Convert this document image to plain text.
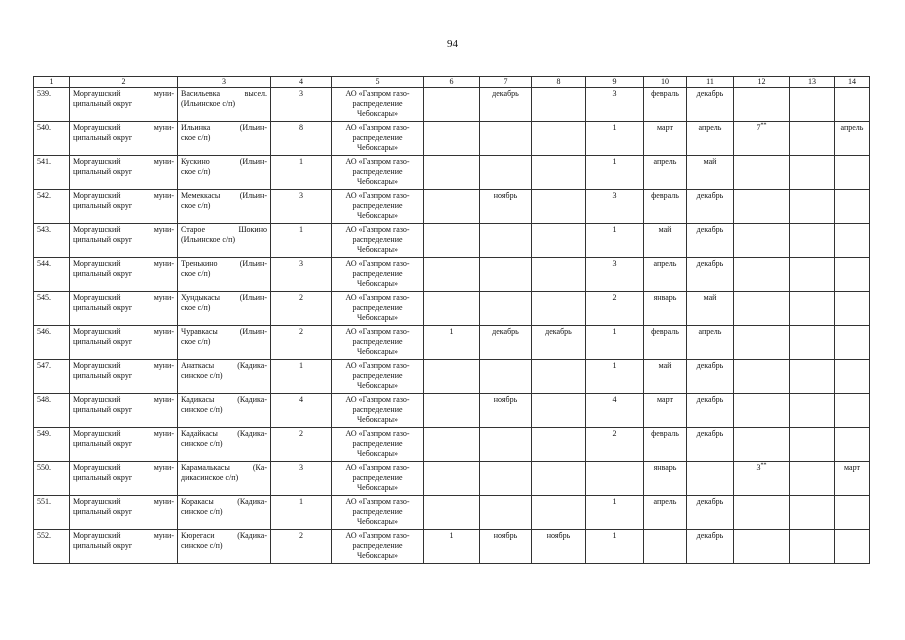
94
1	2	3	4	5	6	7	8	9	10	11	12	13	14
539.	Моргаушский муни-
ципальный округ	Васильевка высел.
(Ильинское с/п)	3	АО «Газпром газо-
распределение
Чебоксары»		декабрь		3	февраль	декабрь			
540.	Моргаушский муни-
ципальный округ	Ильинка (Ильин-
ское с/п)	8	АО «Газпром газо-
распределение
Чебоксары»				1	март	апрель	7**		апрель
541.	Моргаушский муни-
ципальный округ	Кускино (Ильин-
ское с/п)	1	АО «Газпром газо-
распределение
Чебоксары»				1	апрель	май			
542.	Моргаушский муни-
ципальный округ	Мемеккасы (Ильин-
ское с/п)	3	АО «Газпром газо-
распределение
Чебоксары»		ноябрь		3	февраль	декабрь			
543.	Моргаушский муни-
ципальный округ	Старое Шокино
(Ильинское с/п)	1	АО «Газпром газо-
распределение
Чебоксары»				1	май	декабрь			
544.	Моргаушский муни-
ципальный округ	Тренькино (Ильин-
ское с/п)	3	АО «Газпром газо-
распределение
Чебоксары»				3	апрель	декабрь			
545.	Моргаушский муни-
ципальный округ	Хундыкасы (Ильин-
ское с/п)	2	АО «Газпром газо-
распределение
Чебоксары»				2	январь	май			
546.	Моргаушский муни-
ципальный округ	Чуравкасы (Ильин-
ское с/п)	2	АО «Газпром газо-
распределение
Чебоксары»	1	декабрь	декабрь	1	февраль	апрель			
547.	Моргаушский муни-
ципальный округ	Анаткасы (Кадика-
синское с/п)	1	АО «Газпром газо-
распределение
Чебоксары»				1	май	декабрь			
548.	Моргаушский муни-
ципальный округ	Кадикасы (Кадика-
синское с/п)	4	АО «Газпром газо-
распределение
Чебоксары»		ноябрь		4	март	декабрь			
549.	Моргаушский муни-
ципальный округ	Кадайкасы (Кадика-
синское с/п)	2	АО «Газпром газо-
распределение
Чебоксары»				2	февраль	декабрь			
550.	Моргаушский муни-
ципальный округ	Карамалькасы (Ка-
дикасинское с/п)	3	АО «Газпром газо-
распределение
Чебоксары»					январь		3**		март
551.	Моргаушский муни-
ципальный округ	Коракасы (Кадика-
синское с/п)	1	АО «Газпром газо-
распределение
Чебоксары»				1	апрель	декабрь			
552.	Моргаушский муни-
ципальный округ	Кюрегаси (Кадика-
синское с/п)	2	АО «Газпром газо-
распределение
Чебоксары»	1	ноябрь	ноябрь	1		декабрь			
